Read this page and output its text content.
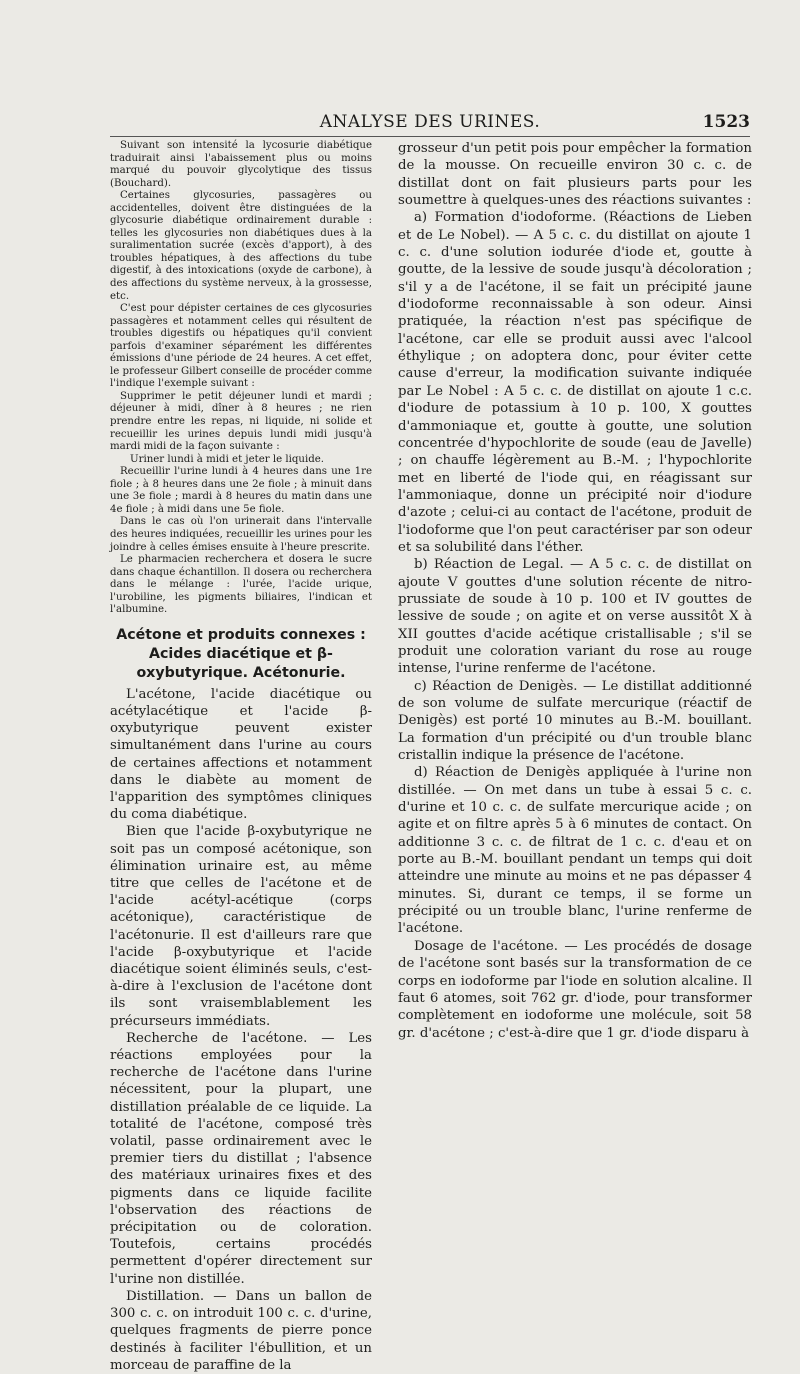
ANALYSE DES URINES.	1523

Suivant son intensité la lycosurie diabétique traduirait ainsi l'abaissement plus ou moins marqué du pouvoir glycolytique des tissus (Bouchard).

Certaines glycosuries, passagères ou accidentelles, doivent être distinguées de la glycosurie diabétique ordinairement durable : telles les glycosuries non diabétiques dues à la suralimentation sucrée (excès d'apport), à des troubles hépatiques, à des affections du tube digestif, à des intoxications (oxyde de carbone), à des affections du système nerveux, à la grossesse, etc.

C'est pour dépister certaines de ces glycosuries passagères et notamment celles qui résultent de troubles digestifs ou hépatiques qu'il convient parfois d'examiner séparément les différentes émissions d'une période de 24 heures. A cet effet, le professeur Gilbert conseille de procéder comme l'indique l'exemple suivant :

Supprimer le petit déjeuner lundi et mardi ; déjeuner à midi, dîner à 8 heures ; ne rien prendre entre les repas, ni liquide, ni solide et recueillir les urines depuis lundi midi jusqu'à mardi midi de la façon suivante :

Uriner lundi à midi et jeter le liquide.

Recueillir l'urine lundi à 4 heures dans une 1re fiole ; à 8 heures dans une 2e fiole ; à minuit dans une 3e fiole ; mardi à 8 heures du matin dans une 4e fiole ; à midi dans une 5e fiole.

Dans le cas où l'on urinerait dans l'intervalle des heures indiquées, recueillir les urines pour les joindre à celles émises ensuite à l'heure prescrite.

Le pharmacien recherchera et dosera le sucre dans chaque échantillon. Il dosera ou recherchera dans le mélange : l'urée, l'acide urique, l'urobiline, les pigments biliaires, l'indican et l'albumine.

Acétone et produits connexes : Acides diacétique et β-oxybutyrique. Acétonurie.

L'acétone, l'acide diacétique ou acétylacétique et l'acide β-oxybutyrique peuvent exister simultanément dans l'urine au cours de certaines affections et notamment dans le diabète au moment de l'apparition des symptômes cliniques du coma diabétique.

Bien que l'acide β-oxybutyrique ne soit pas un composé acétonique, son élimination urinaire est, au même titre que celles de l'acétone et de l'acide acétyl-acétique (corps acétonique), caractéristique de l'acétonurie. Il est d'ailleurs rare que l'acide β-oxybutyrique et l'acide diacétique soient éliminés seuls, c'est-à-dire à l'exclusion de l'acétone dont ils sont vraisemblablement les précurseurs immédiats.

Recherche de l'acétone. — Les réactions employées pour la recherche de l'acétone dans l'urine nécessitent, pour la plupart, une distillation préalable de ce liquide. La totalité de l'acétone, composé très volatil, passe ordinairement avec le premier tiers du distillat ; l'absence des matériaux urinaires fixes et des pigments dans ce liquide facilite l'observation des réactions de précipitation ou de coloration. Toutefois, certains procédés permettent d'opérer directement sur l'urine non distillée.

Distillation. — Dans un ballon de 300 c. c. on introduit 100 c. c. d'urine, quelques fragments de pierre ponce destinés à faciliter l'ébullition, et un morceau de paraffine de la

grosseur d'un petit pois pour empêcher la formation de la mousse. On recueille environ 30 c. c. de distillat dont on fait plusieurs parts pour les soumettre à quelques-unes des réactions suivantes :

a) Formation d'iodoforme. (Réactions de Lieben et de Le Nobel). — A 5 c. c. du distillat on ajoute 1 c. c. d'une solution iodurée d'iode et, goutte à goutte, de la lessive de soude jusqu'à décoloration ; s'il y a de l'acétone, il se fait un précipité jaune d'iodoforme reconnaissable à son odeur. Ainsi pratiquée, la réaction n'est pas spécifique de l'acétone, car elle se produit aussi avec l'alcool éthylique ; on adoptera donc, pour éviter cette cause d'erreur, la modification suivante indiquée par Le Nobel : A 5 c. c. de distillat on ajoute 1 c.c. d'iodure de potassium à 10 p. 100, X gouttes d'ammoniaque et, goutte à goutte, une solution concentrée d'hypochlorite de soude (eau de Javelle) ; on chauffe légèrement au B.-M. ; l'hypochlorite met en liberté de l'iode qui, en réagissant sur l'ammoniaque, donne un précipité noir d'iodure d'azote ; celui-ci au contact de l'acétone, produit de l'iodoforme que l'on peut caractériser par son odeur et sa solubilité dans l'éther.

b) Réaction de Legal. — A 5 c. c. de distillat on ajoute V gouttes d'une solution récente de nitro-prussiate de soude à 10 p. 100 et IV gouttes de lessive de soude ; on agite et on verse aussitôt X à XII gouttes d'acide acétique cristallisable ; s'il se produit une coloration variant du rose au rouge intense, l'urine renferme de l'acétone.

c) Réaction de Denigès. — Le distillat additionné de son volume de sulfate mercurique (réactif de Denigès) est porté 10 minutes au B.-M. bouillant. La formation d'un précipité ou d'un trouble blanc cristallin indique la présence de l'acétone.

d) Réaction de Denigès appliquée à l'urine non distillée. — On met dans un tube à essai 5 c. c. d'urine et 10 c. c. de sulfate mercurique acide ; on agite et on filtre après 5 à 6 minutes de contact. On additionne 3 c. c. de filtrat de 1 c. c. d'eau et on porte au B.-M. bouillant pendant un temps qui doit atteindre une minute au moins et ne pas dépasser 4 minutes. Si, durant ce temps, il se forme un précipité ou un trouble blanc, l'urine renferme de l'acétone.

Dosage de l'acétone. — Les procédés de dosage de l'acétone sont basés sur la transformation de ce corps en iodoforme par l'iode en solution alcaline. Il faut 6 atomes, soit 762 gr. d'iode, pour transformer complètement en iodoforme une molécule, soit 58 gr. d'acétone ; c'est-à-dire que 1 gr. d'iode disparu à
